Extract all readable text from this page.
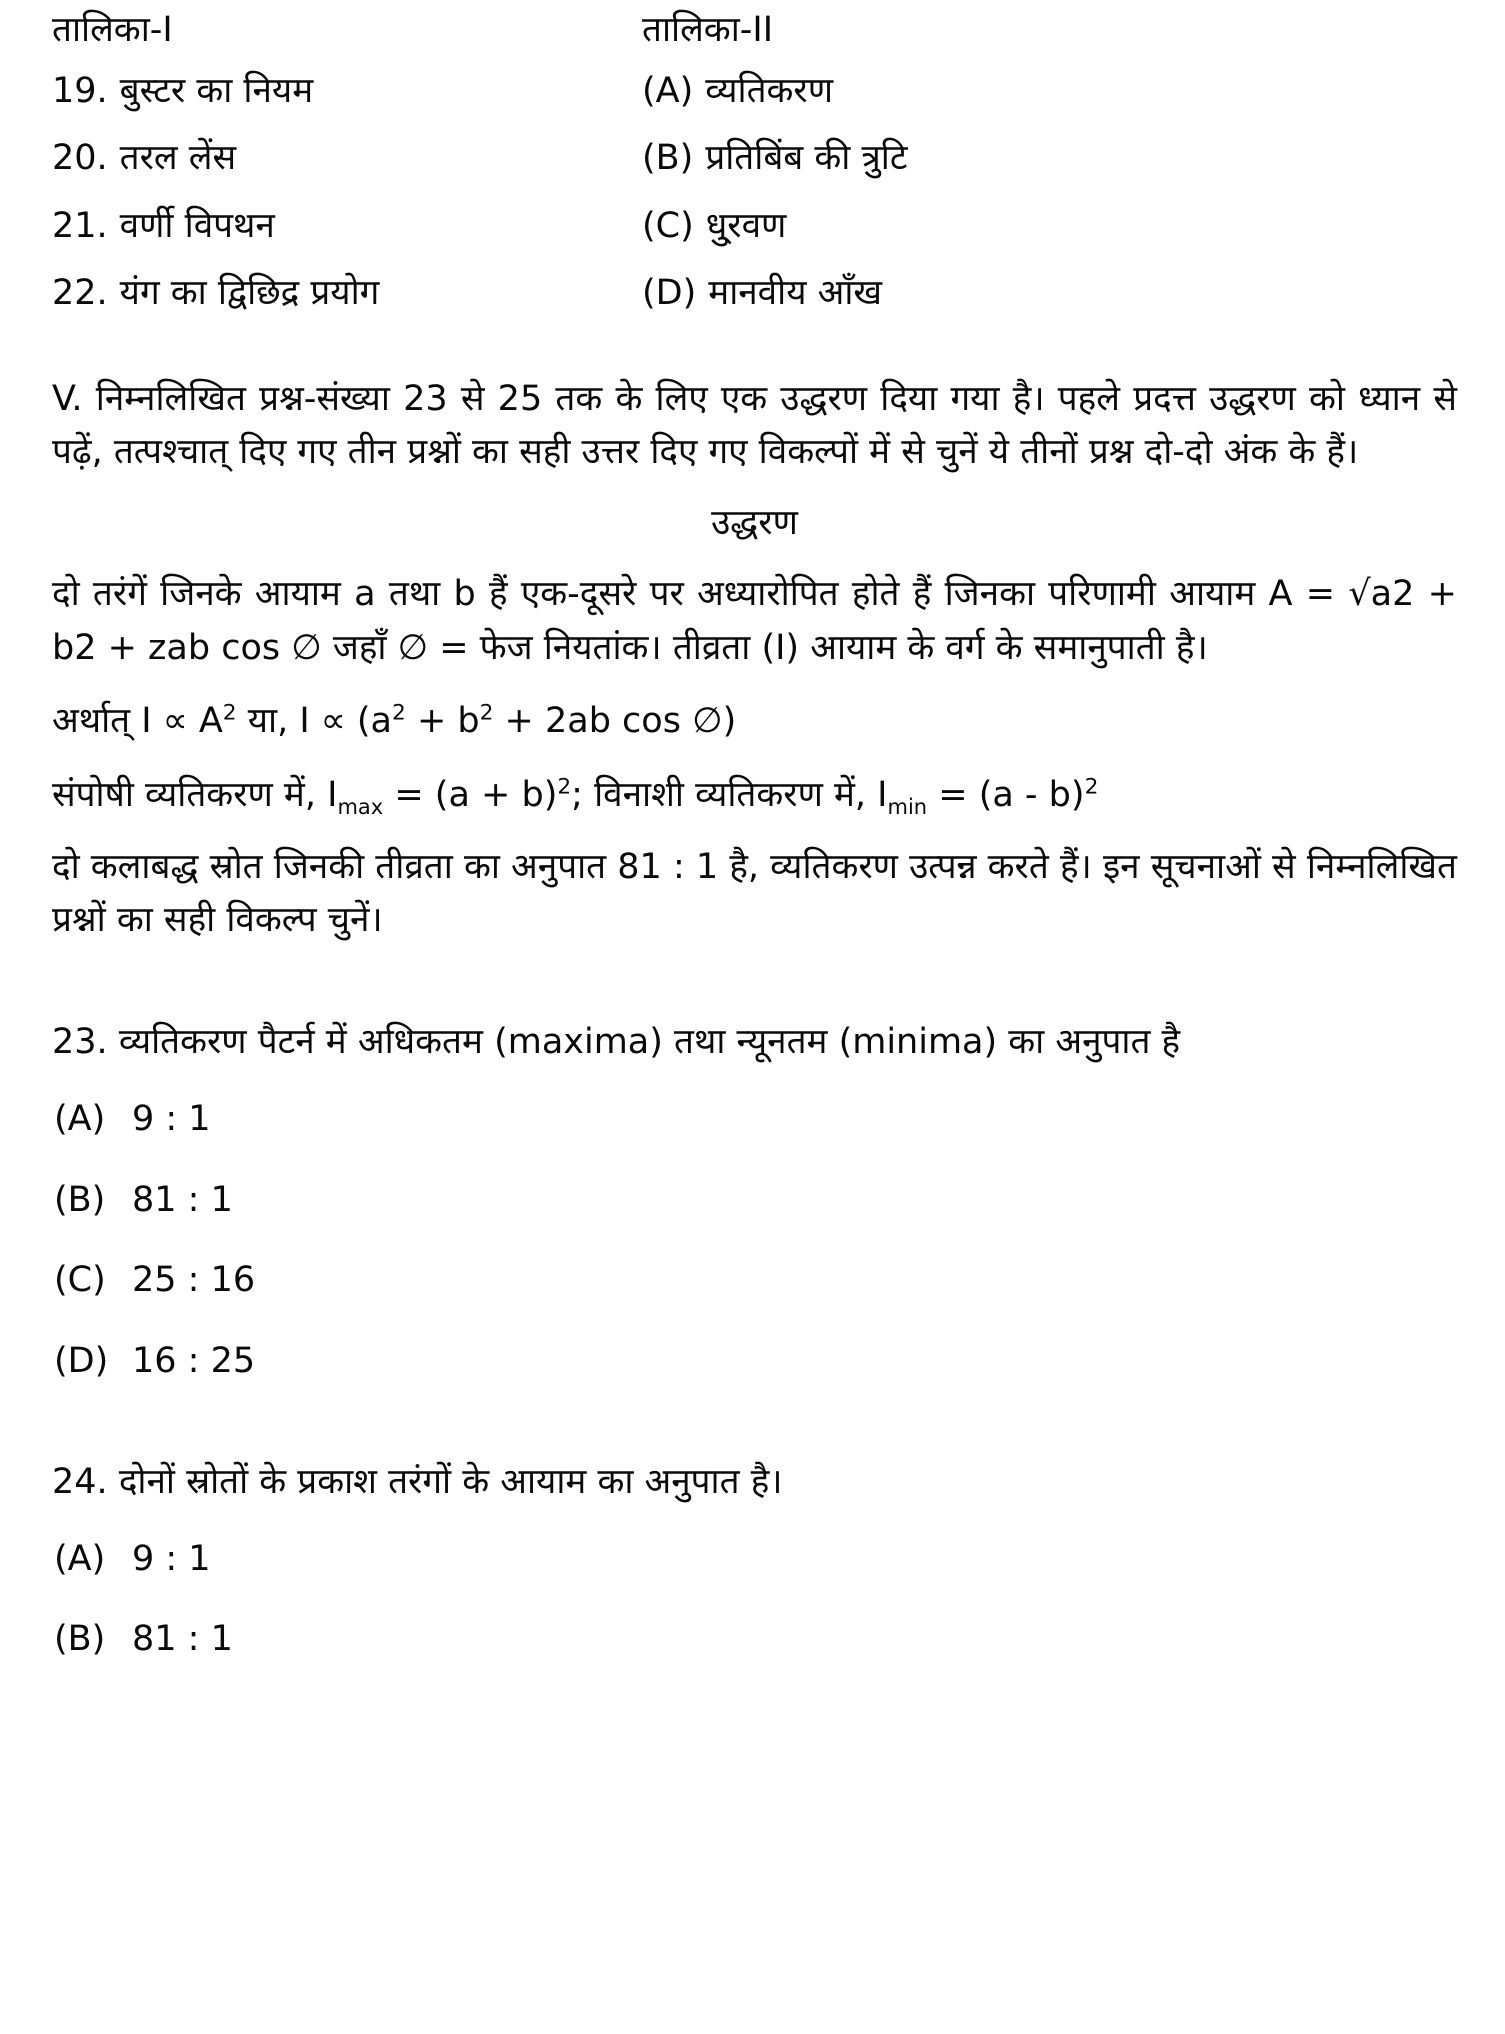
तालिका-I	तालिका-II
19. बुस्टर का नियम	(A) व्यतिकरण
20. तरल लेंस	(B) प्रतिबिंब की त्रुटि
21. वर्णी विपथन	(C) धु्रवण
22. यंग का द्विछिद्र प्रयोग	(D) मानवीय आँख

V. निम्नलिखित प्रश्न-संख्या 23 से 25 तक के लिए एक उद्धरण दिया गया है। पहले प्रदत्त उद्धरण को ध्यान से पढ़ें, तत्पश्चात् दिए गए तीन प्रश्नों का सही उत्तर दिए गए विकल्पों में से चुनें ये तीनों प्रश्न दो-दो अंक के हैं।

उद्धरण

दो तरंगें जिनके आयाम a तथा b हैं एक-दूसरे पर अध्यारोपित होते हैं जिनका परिणामी आयाम A = √a2 + b2 + zab cos ∅ जहाँ ∅ = फेज नियतांक। तीव्रता (I) आयाम के वर्ग के समानुपाती है।

अर्थात् $I \propto A^2$ या, $I \propto (a^2 + b^2 + 2ab$ cos ∅)

संपोषी व्यतिकरण में, $I_{max} = (a + b)^2$; विनाशी व्यतिकरण में, $I_{min} = (a - b)^2$

दो कलाबद्ध स्रोत जिनकी तीव्रता का अनुपात 81 : 1 है, व्यतिकरण उत्पन्न करते हैं। इन सूचनाओं से निम्नलिखित प्रश्नों का सही विकल्प चुनें।

23. व्यतिकरण पैटर्न में अधिकतम (maxima) तथा न्यूनतम (minima) का अनुपात है

(A) 9 : 1

(B) 81 : 1

(C) 25 : 16

(D) 16 : 25

24. दोनों स्रोतों के प्रकाश तरंगों के आयाम का अनुपात है।

(A) 9 : 1

(B) 81 : 1
